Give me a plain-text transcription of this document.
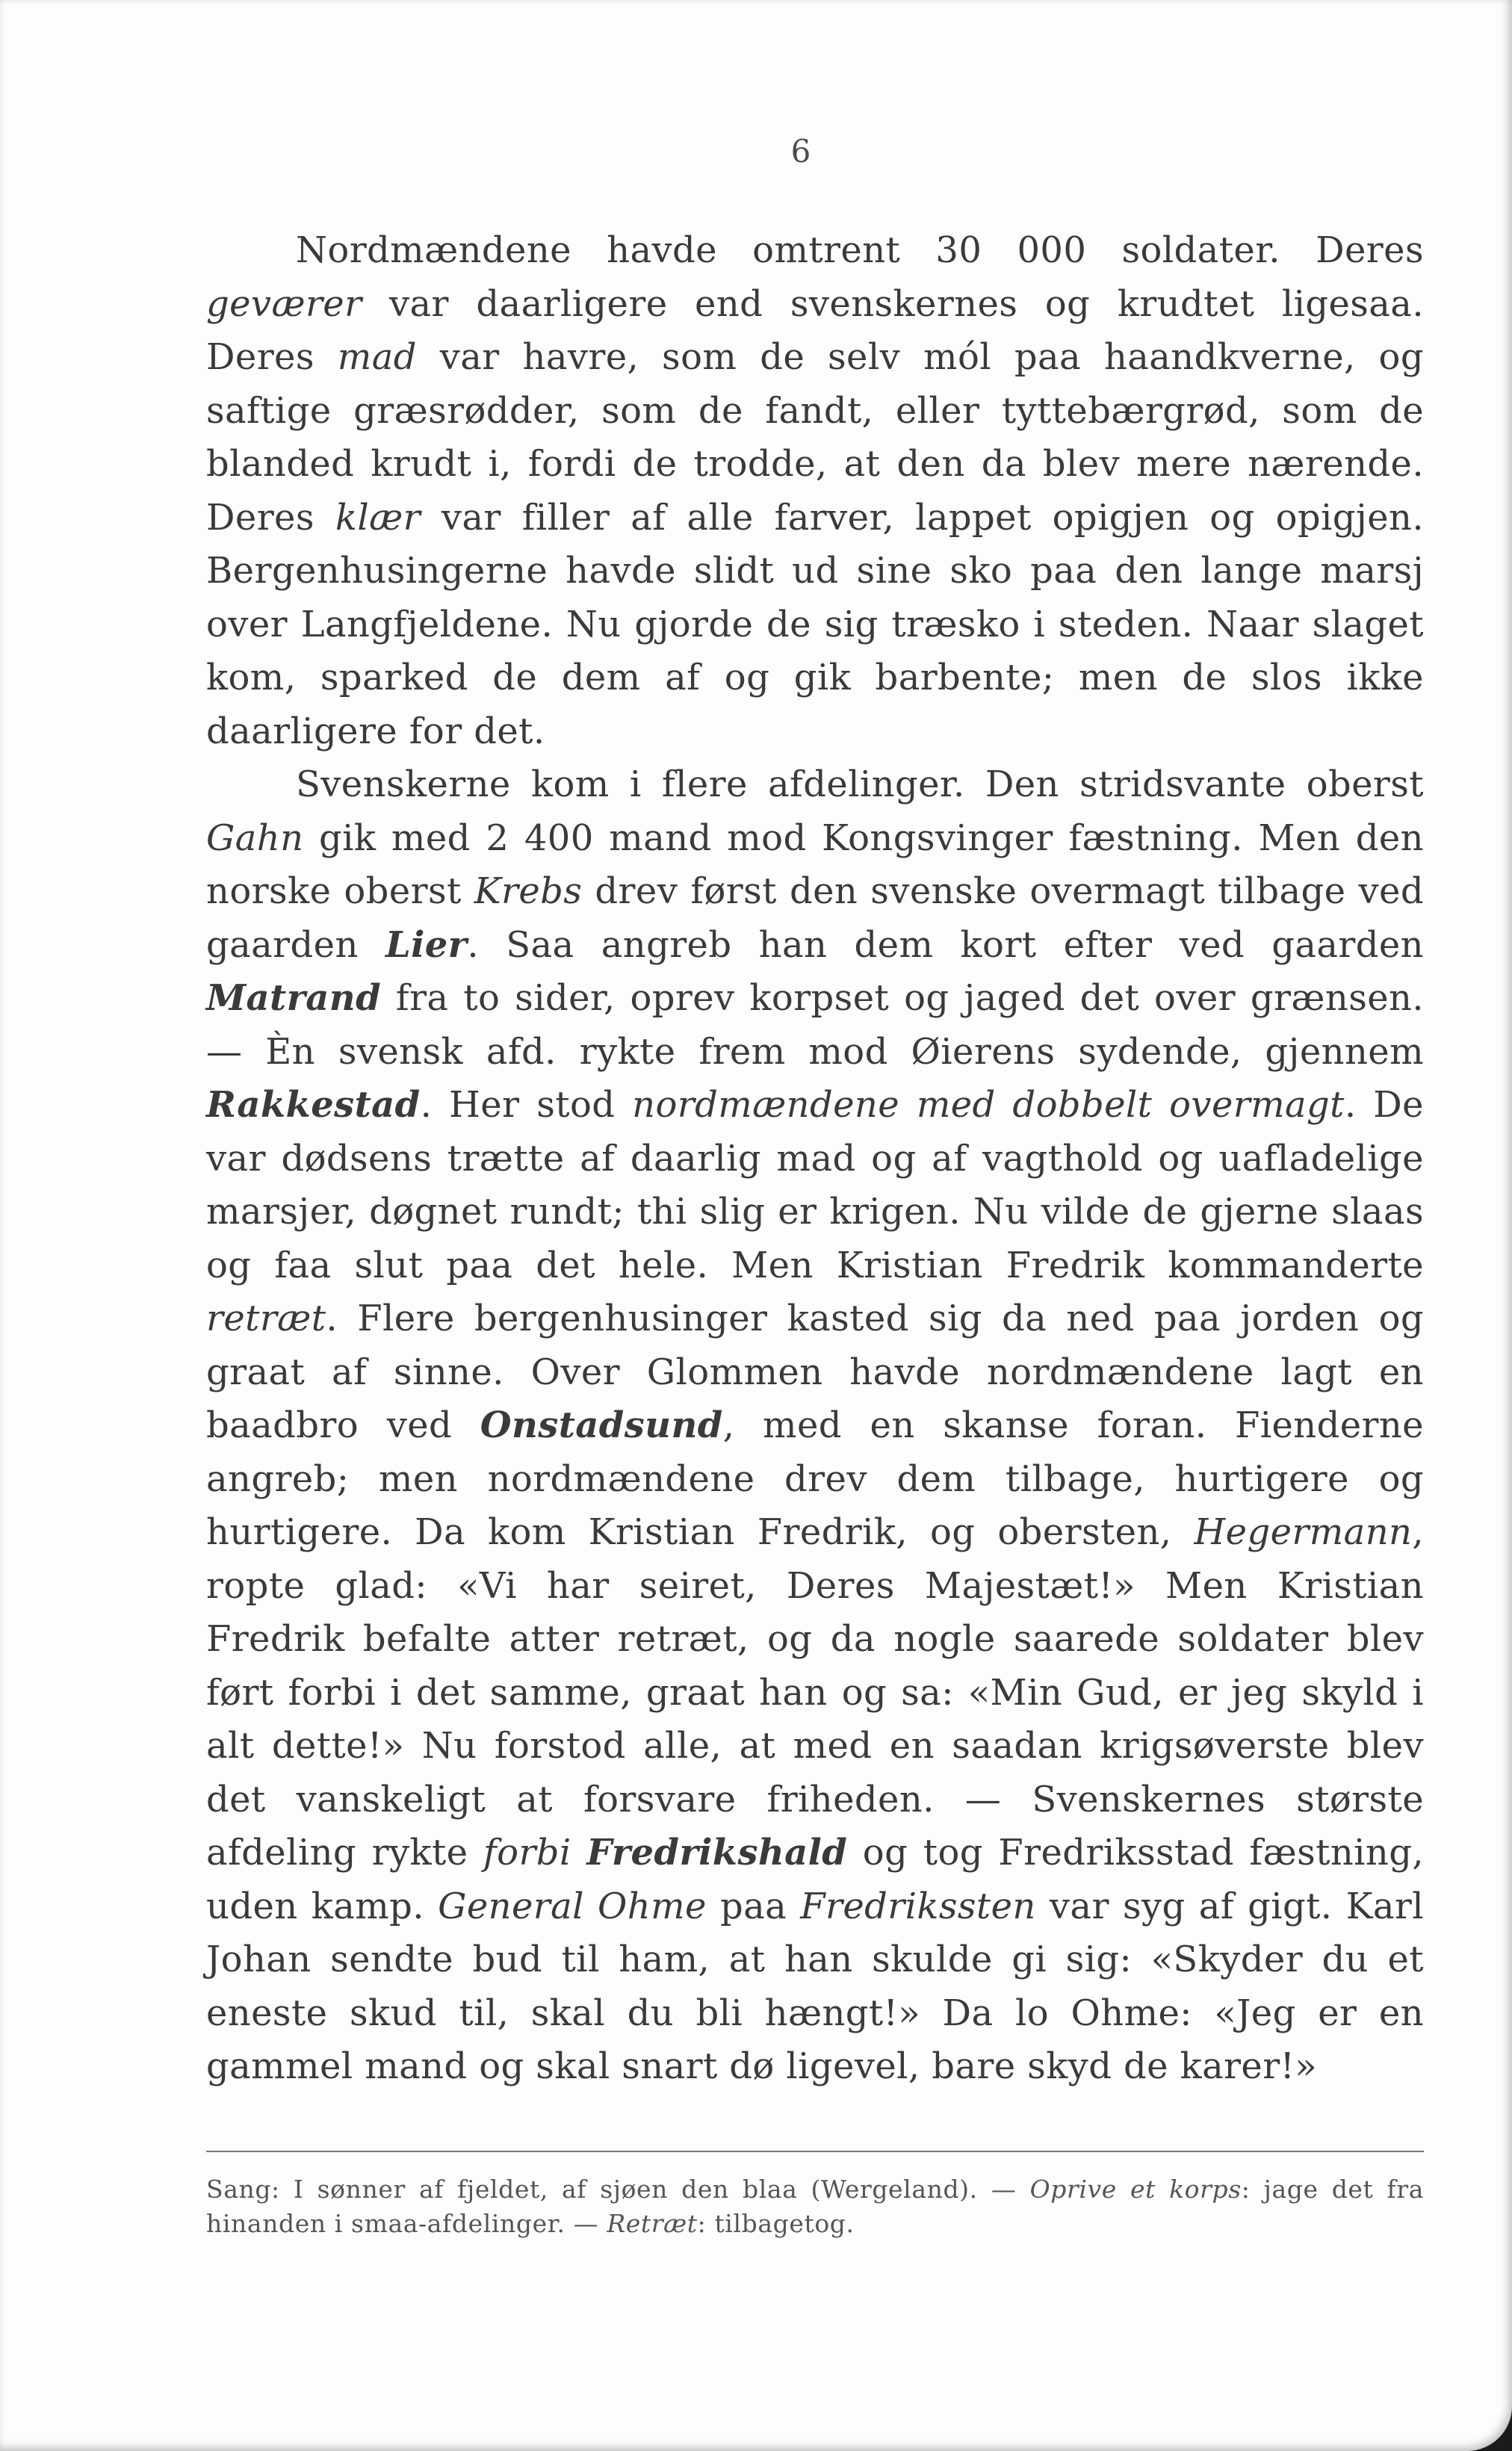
6

Nordmændene havde omtrent 30 000 soldater. Deres geværer var daarligere end svenskernes og krudtet ligesaa. Deres mad var havre, som de selv mól paa haandkverne, og saftige græsrødder, som de fandt, eller tyttebærgrød, som de blanded krudt i, fordi de trodde, at den da blev mere nærende. Deres klær var filler af alle farver, lappet opigjen og opigjen. Bergenhusingerne havde slidt ud sine sko paa den lange marsj over Langfjeldene. Nu gjorde de sig træsko i steden. Naar slaget kom, sparked de dem af og gik barbente; men de slos ikke daarligere for det.

Svenskerne kom i flere afdelinger. Den stridsvante oberst Gahn gik med 2 400 mand mod Kongsvinger fæstning. Men den norske oberst Krebs drev først den svenske overmagt tilbage ved gaarden Lier. Saa angreb han dem kort efter ved gaarden Matrand fra to sider, oprev korpset og jaged det over grænsen. — Èn svensk afd. rykte frem mod Øierens sydende, gjennem Rakkestad. Her stod nordmændene med dobbelt overmagt. De var dødsens trætte af daarlig mad og af vagthold og uafladelige marsjer, døgnet rundt; thi slig er krigen. Nu vilde de gjerne slaas og faa slut paa det hele. Men Kristian Fredrik kommanderte retræt. Flere bergenhusinger kasted sig da ned paa jorden og graat af sinne. Over Glommen havde nordmændene lagt en baadbro ved Onstadsund, med en skanse foran. Fienderne angreb; men nordmændene drev dem tilbage, hurtigere og hurtigere. Da kom Kristian Fredrik, og obersten, Hegermann, ropte glad: «Vi har seiret, Deres Majestæt!» Men Kristian Fredrik befalte atter retræt, og da nogle saarede soldater blev ført forbi i det samme, graat han og sa: «Min Gud, er jeg skyld i alt dette!» Nu forstod alle, at med en saadan krigsøverste blev det vanskeligt at forsvare friheden. — Svenskernes største afdeling rykte forbi Fredrikshald og tog Fredriksstad fæstning, uden kamp. General Ohme paa Fredrikssten var syg af gigt. Karl Johan sendte bud til ham, at han skulde gi sig: «Skyder du et eneste skud til, skal du bli hængt!» Da lo Ohme: «Jeg er en gammel mand og skal snart dø ligevel, bare skyd de karer!»

Sang: I sønner af fjeldet, af sjøen den blaa (Wergeland). — Oprive et korps: jage det fra hinanden i smaa-afdelinger. — Retræt: tilbagetog.
